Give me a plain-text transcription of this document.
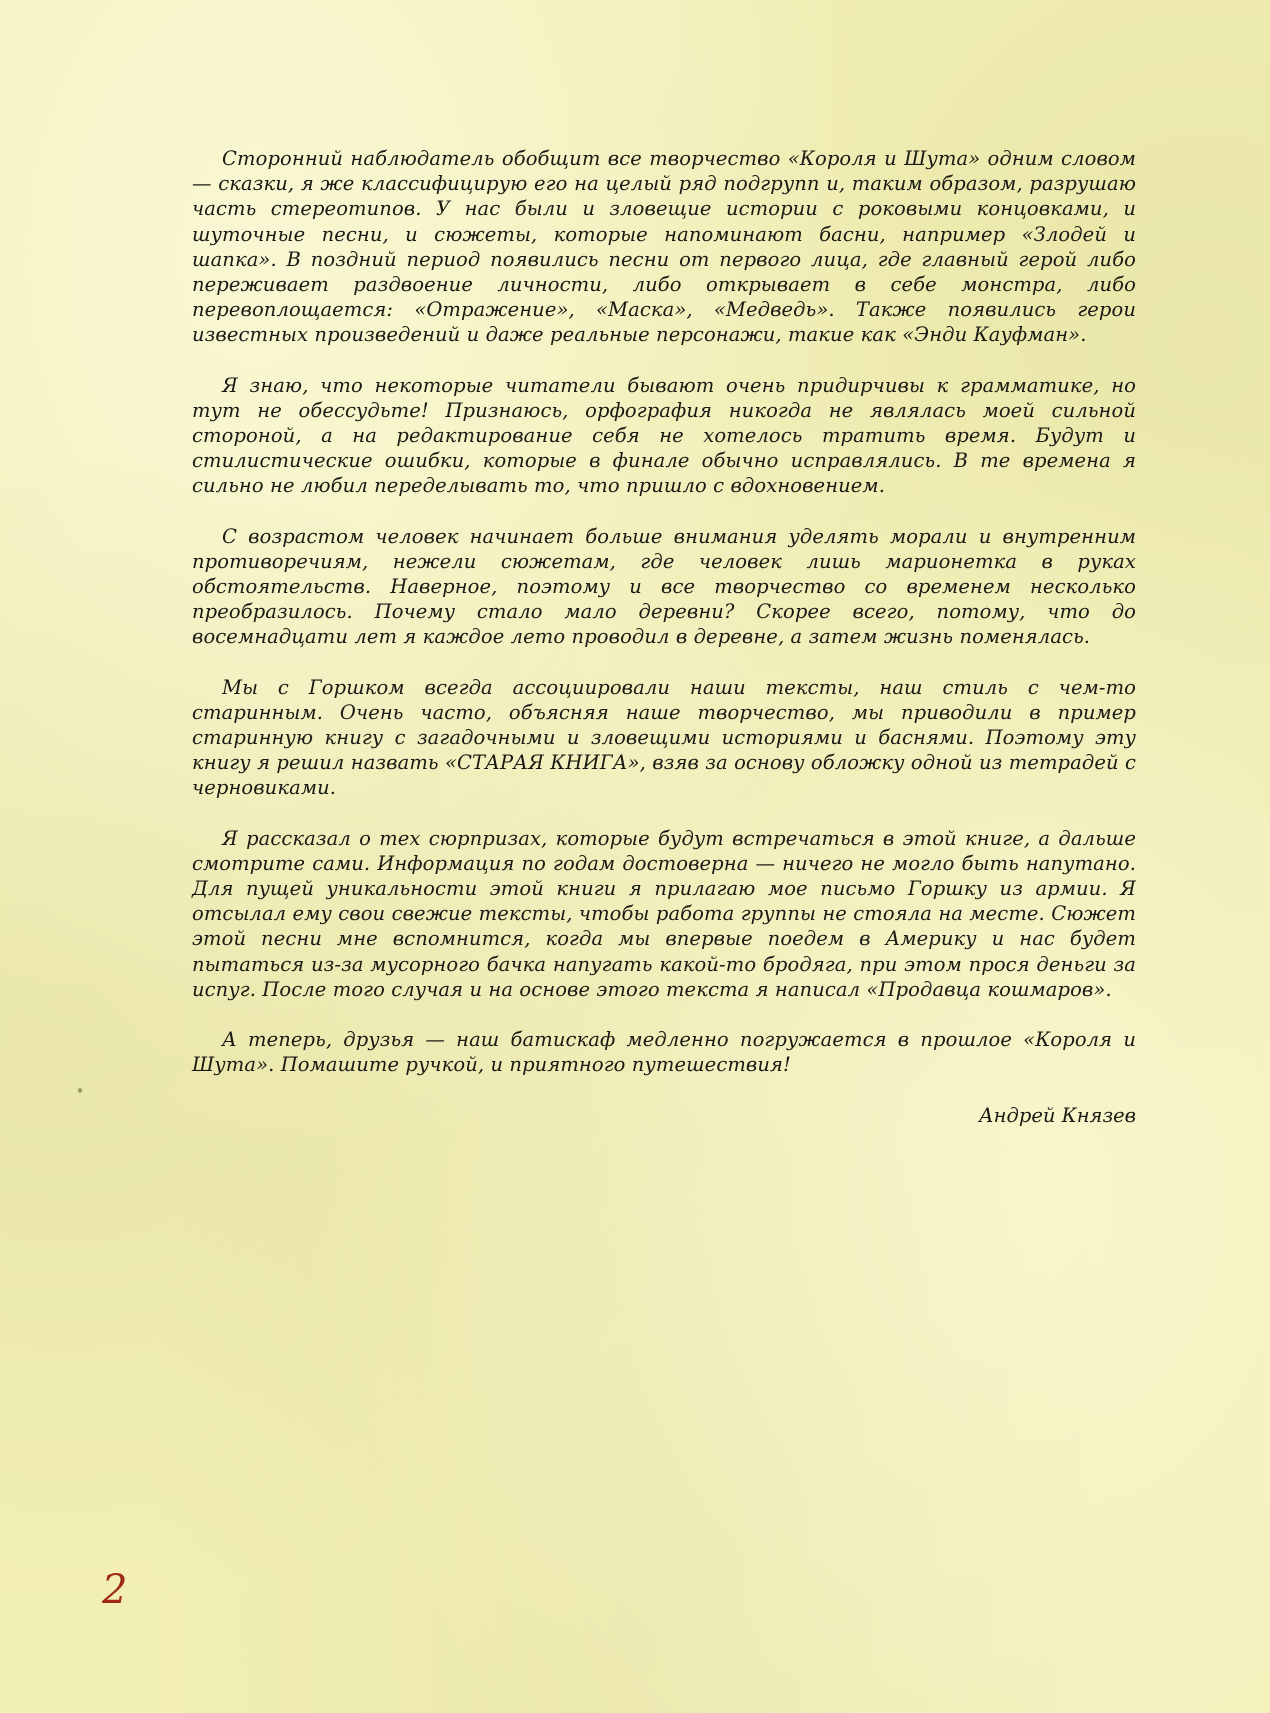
Сторонний наблюдатель обобщит все творчество «Короля и Шута» одним словом — сказки, я же классифицирую его на целый ряд подгрупп и, таким образом, разрушаю часть стереотипов. У нас были и зловещие истории с роковыми концовками, и шуточные песни, и сюжеты, которые напоминают басни, например «Злодей и шапка». В поздний период появились песни от первого лица, где главный герой либо переживает раздвоение личности, либо открывает в себе монстра, либо перевоплощается: «Отражение», «Маска», «Медведь». Также появились герои известных произведений и даже реальные персонажи, такие как «Энди Кауфман».

Я знаю, что некоторые читатели бывают очень придирчивы к грамматике, но тут не обессудьте! Признаюсь, орфография никогда не являлась моей сильной стороной, а на редактирование себя не хотелось тратить время. Будут и стилистические ошибки, которые в финале обычно исправлялись. В те времена я сильно не любил переделывать то, что пришло с вдохновением.

С возрастом человек начинает больше внимания уделять морали и внутренним противоречиям, нежели сюжетам, где человек лишь марионетка в руках обстоятельств. Наверное, поэтому и все творчество со временем несколько преобразилось. Почему стало мало деревни? Скорее всего, потому, что до восемнадцати лет я каждое лето проводил в деревне, а затем жизнь поменялась.

Мы с Горшком всегда ассоциировали наши тексты, наш стиль с чем-то старинным. Очень часто, объясняя наше творчество, мы приводили в пример старинную книгу с загадочными и зловещими историями и баснями. Поэтому эту книгу я решил назвать «СТАРАЯ КНИГА», взяв за основу обложку одной из тетрадей с черновиками.

Я рассказал о тех сюрпризах, которые будут встречаться в этой книге, а дальше смотрите сами. Информация по годам достоверна — ничего не могло быть напутано. Для пущей уникальности этой книги я прилагаю мое письмо Горшку из армии. Я отсылал ему свои свежие тексты, чтобы работа группы не стояла на месте. Сюжет этой песни мне вспомнится, когда мы впервые поедем в Америку и нас будет пытаться из-за мусорного бачка напугать какой-то бродяга, при этом прося деньги за испуг. После того случая и на основе этого текста я написал «Продавца кошмаров».

А теперь, друзья — наш батискаф медленно погружается в прошлое «Короля и Шута». Помашите ручкой, и приятного путешествия!

Андрей Князев

2
